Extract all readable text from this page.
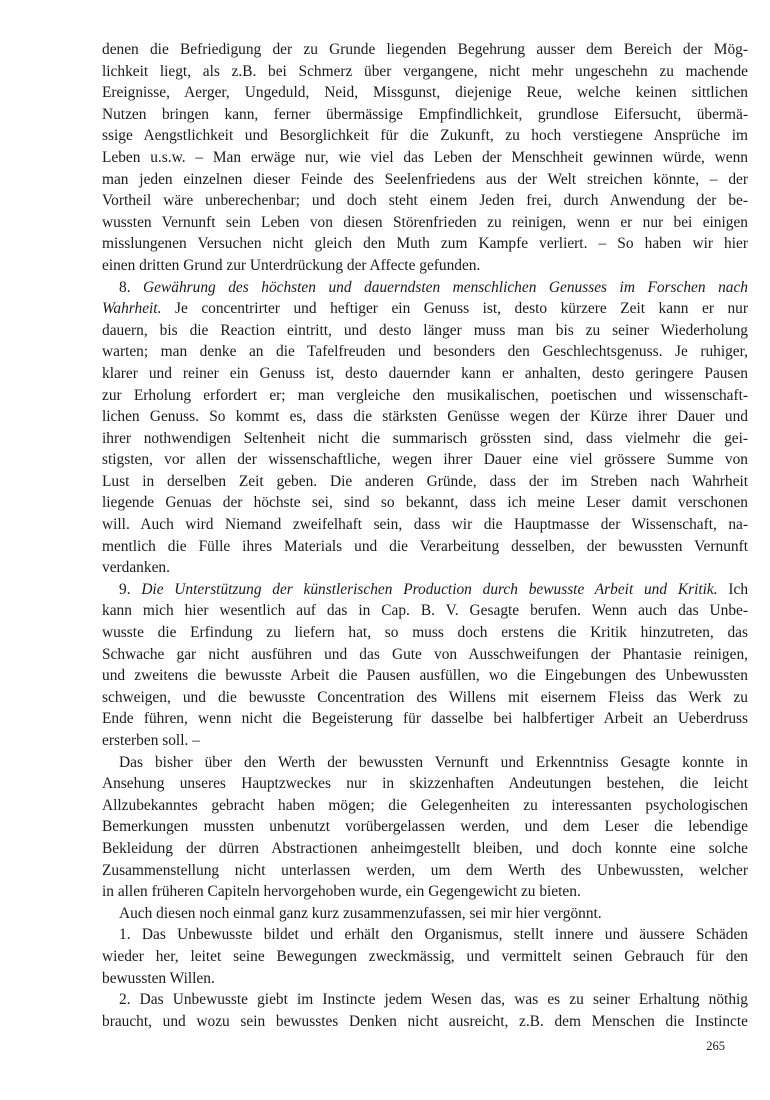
denen die Befriedigung der zu Grunde liegenden Begehrung ausser dem Bereich der Mög-
lichkeit liegt, als z.B. bei Schmerz über vergangene, nicht mehr ungeschehn zu machende
Ereignisse, Aerger, Ungeduld, Neid, Missgunst, diejenige Reue, welche keinen sittlichen
Nutzen bringen kann, ferner übermässige Empfindlichkeit, grundlose Eifersucht, übermä-
ssige Aengstlichkeit und Besorglichkeit für die Zukunft, zu hoch verstiegene Ansprüche im
Leben u.s.w. – Man erwäge nur, wie viel das Leben der Menschheit gewinnen würde, wenn
man jeden einzelnen dieser Feinde des Seelenfriedens aus der Welt streichen könnte, – der
Vortheil wäre unberechenbar; und doch steht einem Jeden frei, durch Anwendung der be-
wussten Vernunft sein Leben von diesen Störenfrieden zu reinigen, wenn er nur bei einigen
misslungenen Versuchen nicht gleich den Muth zum Kampfe verliert. – So haben wir hier
einen dritten Grund zur Unterdrückung der Affecte gefunden.
8. Gewährung des höchsten und dauerndsten menschlichen Genusses im Forschen nach
Wahrheit. Je concentrirter und heftiger ein Genuss ist, desto kürzere Zeit kann er nur
dauern, bis die Reaction eintritt, und desto länger muss man bis zu seiner Wiederholung
warten; man denke an die Tafelfreuden und besonders den Geschlechtsgenuss. Je ruhiger,
klarer und reiner ein Genuss ist, desto dauernder kann er anhalten, desto geringere Pausen
zur Erholung erfordert er; man vergleiche den musikalischen, poetischen und wissenschaft-
lichen Genuss. So kommt es, dass die stärksten Genüsse wegen der Kürze ihrer Dauer und
ihrer nothwendigen Seltenheit nicht die summarisch grössten sind, dass vielmehr die gei-
stigsten, vor allen der wissenschaftliche, wegen ihrer Dauer eine viel grössere Summe von
Lust in derselben Zeit geben. Die anderen Gründe, dass der im Streben nach Wahrheit
liegende Genuas der höchste sei, sind so bekannt, dass ich meine Leser damit verschonen
will. Auch wird Niemand zweifelhaft sein, dass wir die Hauptmasse der Wissenschaft, na-
mentlich die Fülle ihres Materials und die Verarbeitung desselben, der bewussten Vernunft
verdanken.
9. Die Unterstützung der künstlerischen Production durch bewusste Arbeit und Kritik. Ich
kann mich hier wesentlich auf das in Cap. B. V. Gesagte berufen. Wenn auch das Unbe-
wusste die Erfindung zu liefern hat, so muss doch erstens die Kritik hinzutreten, das
Schwache gar nicht ausführen und das Gute von Ausschweifungen der Phantasie reinigen,
und zweitens die bewusste Arbeit die Pausen ausfüllen, wo die Eingebungen des Unbewussten
schweigen, und die bewusste Concentration des Willens mit eisernem Fleiss das Werk zu
Ende führen, wenn nicht die Begeisterung für dasselbe bei halbfertiger Arbeit an Ueberdruss
ersterben soll. –
Das bisher über den Werth der bewussten Vernunft und Erkenntniss Gesagte konnte in
Ansehung unseres Hauptzweckes nur in skizzenhaften Andeutungen bestehen, die leicht
Allzubekanntes gebracht haben mögen; die Gelegenheiten zu interessanten psychologischen
Bemerkungen mussten unbenutzt vorübergelassen werden, und dem Leser die lebendige
Bekleidung der dürren Abstractionen anheimgestellt bleiben, und doch konnte eine solche
Zusammenstellung nicht unterlassen werden, um dem Werth des Unbewussten, welcher
in allen früheren Capiteln hervorgehoben wurde, ein Gegengewicht zu bieten.
Auch diesen noch einmal ganz kurz zusammenzufassen, sei mir hier vergönnt.
1. Das Unbewusste bildet und erhält den Organismus, stellt innere und äussere Schäden
wieder her, leitet seine Bewegungen zweckmässig, und vermittelt seinen Gebrauch für den
bewussten Willen.
2. Das Unbewusste giebt im Instincte jedem Wesen das, was es zu seiner Erhaltung nöthig
braucht, und wozu sein bewusstes Denken nicht ausreicht, z.B. dem Menschen die Instincte
265
